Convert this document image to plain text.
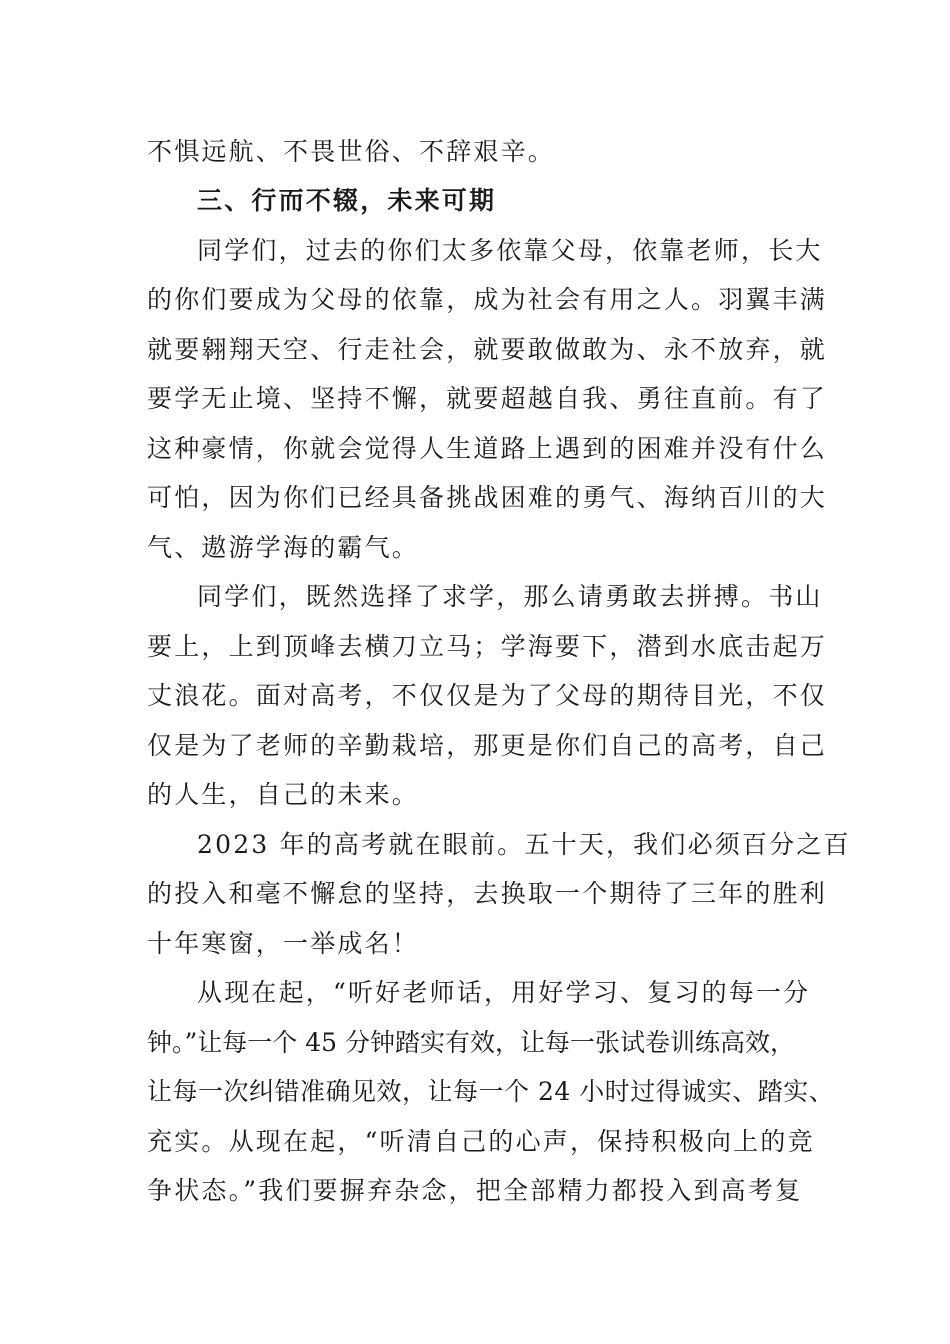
不惧远航、不畏世俗、不辞艰辛。
三、行而不辍，未来可期
同学们，过去的你们太多依靠父母，依靠老师，长大
的你们要成为父母的依靠，成为社会有用之人。羽翼丰满
就要翱翔天空、行走社会，就要敢做敢为、永不放弃，就
要学无止境、坚持不懈，就要超越自我、勇往直前。有了
这种豪情，你就会觉得人生道路上遇到的困难并没有什么
可怕，因为你们已经具备挑战困难的勇气、海纳百川的大
气、遨游学海的霸气。
同学们，既然选择了求学，那么请勇敢去拼搏。书山
要上，上到顶峰去横刀立马；学海要下，潜到水底击起万
丈浪花。面对高考，不仅仅是为了父母的期待目光，不仅
仅是为了老师的辛勤栽培，那更是你们自己的高考，自己
的人生，自己的未来。
2023 年的高考就在眼前。五十天，我们必须百分之百
的投入和毫不懈怠的坚持，去换取一个期待了三年的胜利
十年寒窗，一举成名！
从现在起，“听好老师话，用好学习、复习的每一分
钟。”让每一个 45 分钟踏实有效，让每一张试卷训练高效，
让每一次纠错准确见效，让每一个 24 小时过得诚实、踏实、
充实。从现在起，“听清自己的心声，保持积极向上的竞
争状态。”我们要摒弃杂念，把全部精力都投入到高考复
